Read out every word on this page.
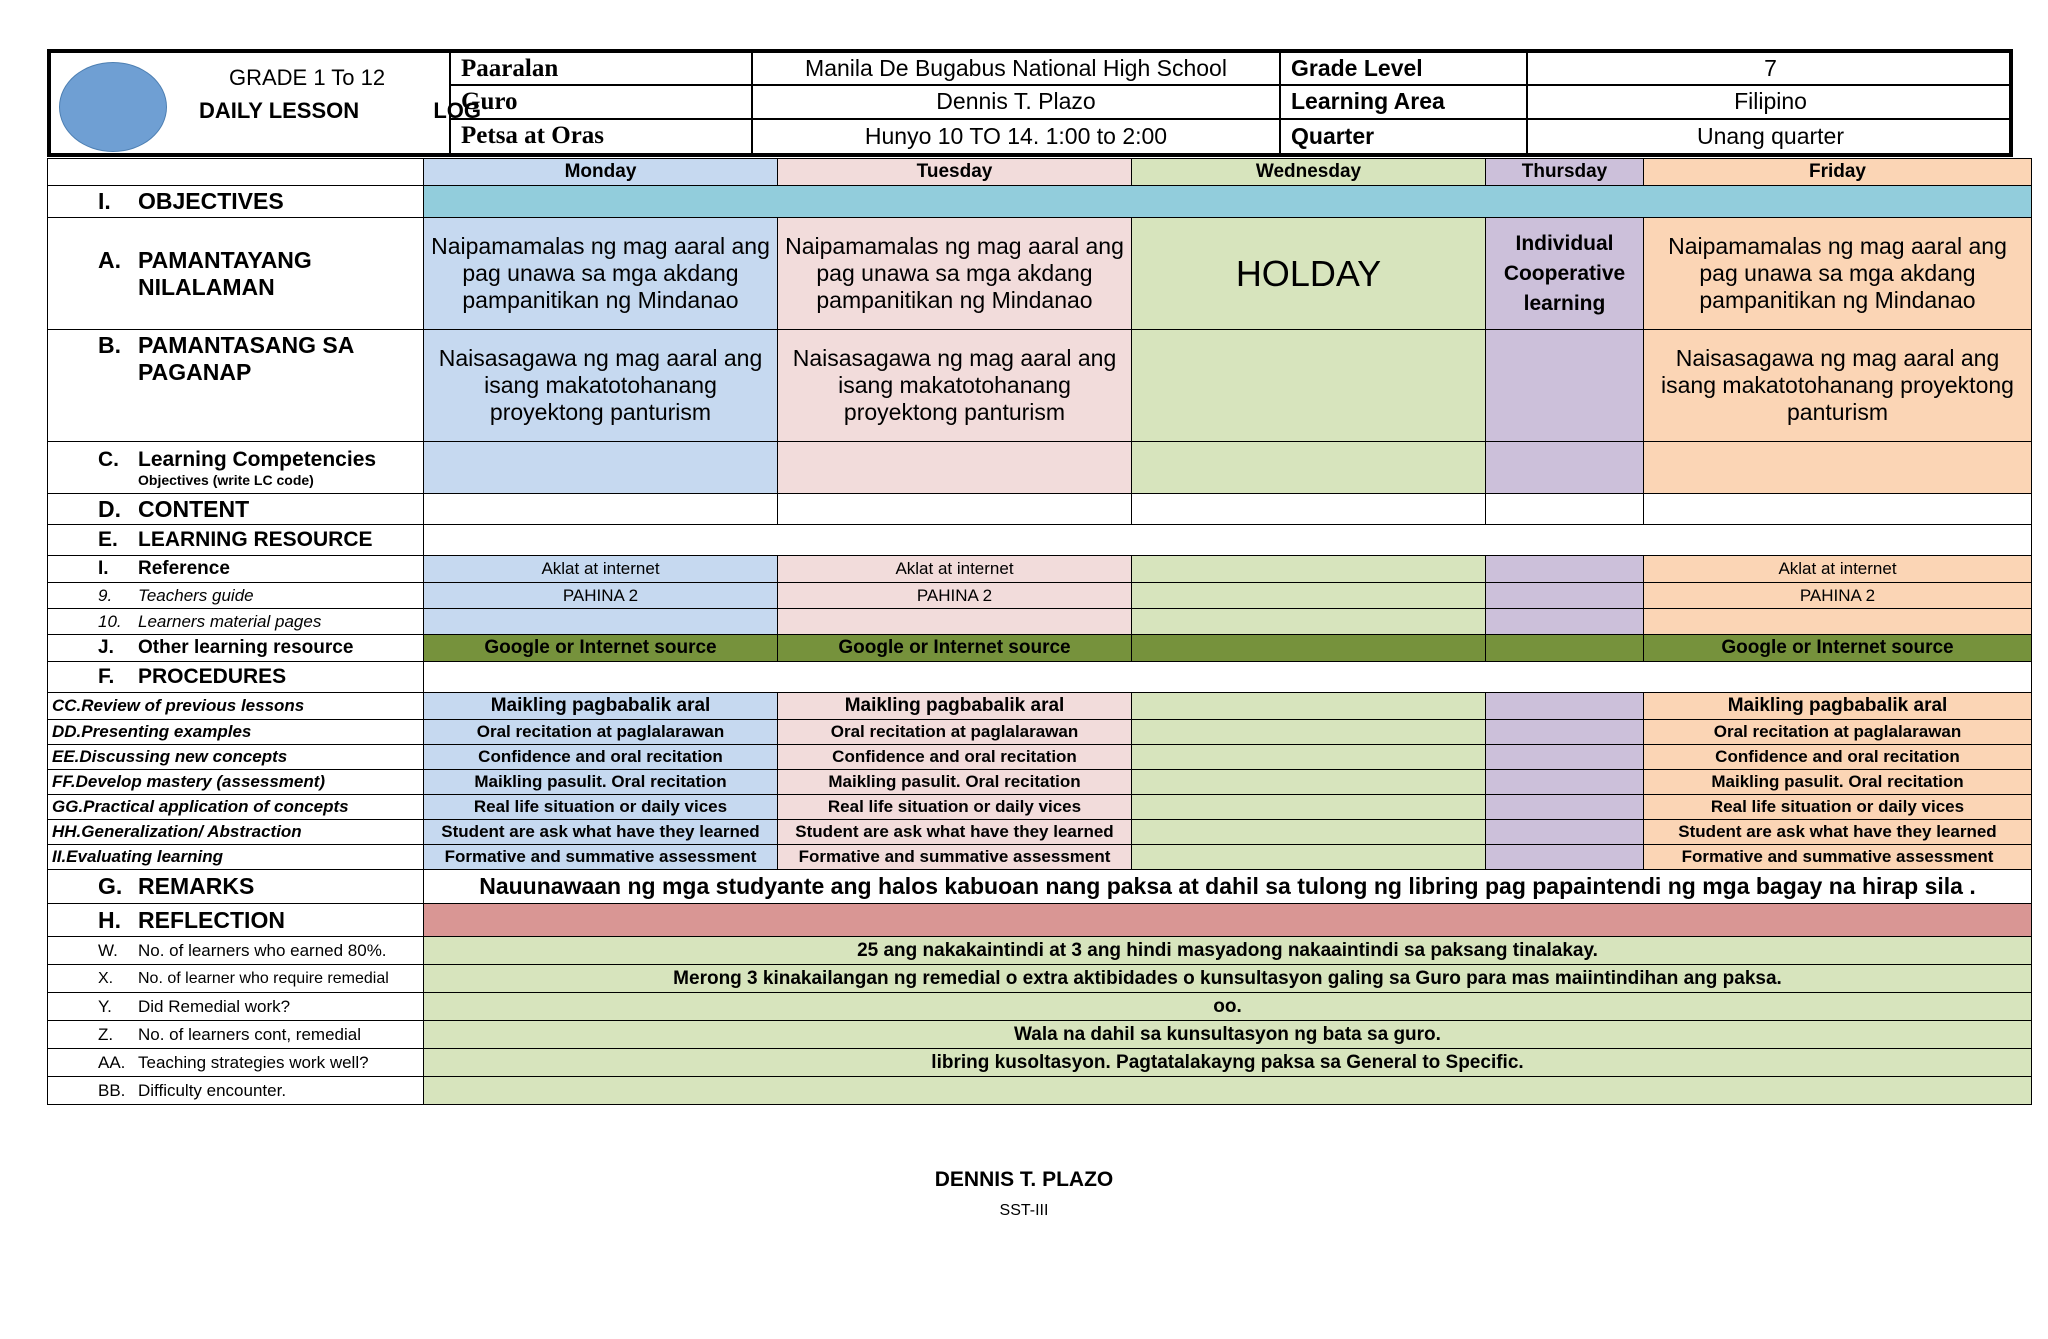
GRADE 1 To 12
DAILY LESSON	LOG
Paaralan	Manila De Bugabus National High School	Grade Level	7
Guro	Dennis T. Plazo	Learning Area	Filipino
Petsa at Oras	Hunyo 10 TO 14. 1:00 to 2:00	Quarter	Unang quarter
	Monday	Tuesday	Wednesday	Thursday	Friday
I. OBJECTIVES					

A. PAMANTAYANG NILALAMAN	Naipamamalas ng mag aaral ang pag unawa sa mga akdang pampanitikan ng Mindanao	Naipamamalas ng mag aaral ang pag unawa sa mga akdang pampanitikan ng Mindanao	HOLDAY	Individual Cooperative learning	Naipamamalas ng mag aaral ang pag unawa sa mga akdang pampanitikan ng Mindanao

B. PAMANTASANG SA PAGANAP	Naisasagawa ng mag aaral ang isang makatotohanang proyektong panturism	Naisasagawa ng mag aaral ang isang makatotohanang proyektong panturism			Naisasagawa ng mag aaral ang isang makatotohanang proyektong panturism

C. Learning Competencies
Objectives (write LC code)					

D. CONTENT					
E. LEARNING RESOURCE					
I. Reference	Aklat at internet	Aklat at internet			Aklat at internet
9. Teachers guide	PAHINA 2	PAHINA 2			PAHINA 2
10. Learners material pages					
J. Other learning resource	Google or Internet source	Google or Internet source			Google or Internet source
F. PROCEDURES					
CC.Review of previous lessons	Maikling pagbabalik aral	Maikling pagbabalik aral			Maikling pagbabalik aral
DD.Presenting examples	Oral recitation at paglalarawan	Oral recitation at paglalarawan			Oral recitation at paglalarawan
EE.Discussing new concepts	Confidence and oral recitation	Confidence and oral recitation			Confidence and oral recitation
FF.Develop mastery (assessment)	Maikling pasulit. Oral recitation	Maikling pasulit. Oral recitation			Maikling pasulit. Oral recitation
GG.Practical application of concepts	Real life situation or daily vices	Real life situation or daily vices			Real life situation or daily vices
HH.Generalization/ Abstraction	Student are ask what have they learned	Student are ask what have they learned			Student are ask what have they learned
II.Evaluating learning	Formative and summative assessment	Formative and summative assessment			Formative and summative assessment
G. REMARKS	Nauunawaan ng mga studyante ang halos kabuoan nang paksa at dahil sa tulong ng libring pag papaintendi ng mga bagay na hirap sila .				
H. REFLECTION					
W. No. of learners who earned 80%.	25 ang nakakaintindi at 3 ang hindi masyadong nakaaintindi sa paksang tinalakay.				
X. No. of learner who require remedial	Merong 3 kinakailangan ng remedial o extra aktibidades o kunsultasyon galing sa Guro para mas maiintindihan ang paksa.				
Y. Did Remedial work?	oo.				
Z. No. of learners cont, remedial	Wala na dahil sa kunsultasyon ng bata sa guro.				
AA. Teaching strategies work well?	libring kusoltasyon. Pagtatalakayng paksa sa General to Specific.				
BB. Difficulty encounter.					
DENNIS T. PLAZO
SST-III
